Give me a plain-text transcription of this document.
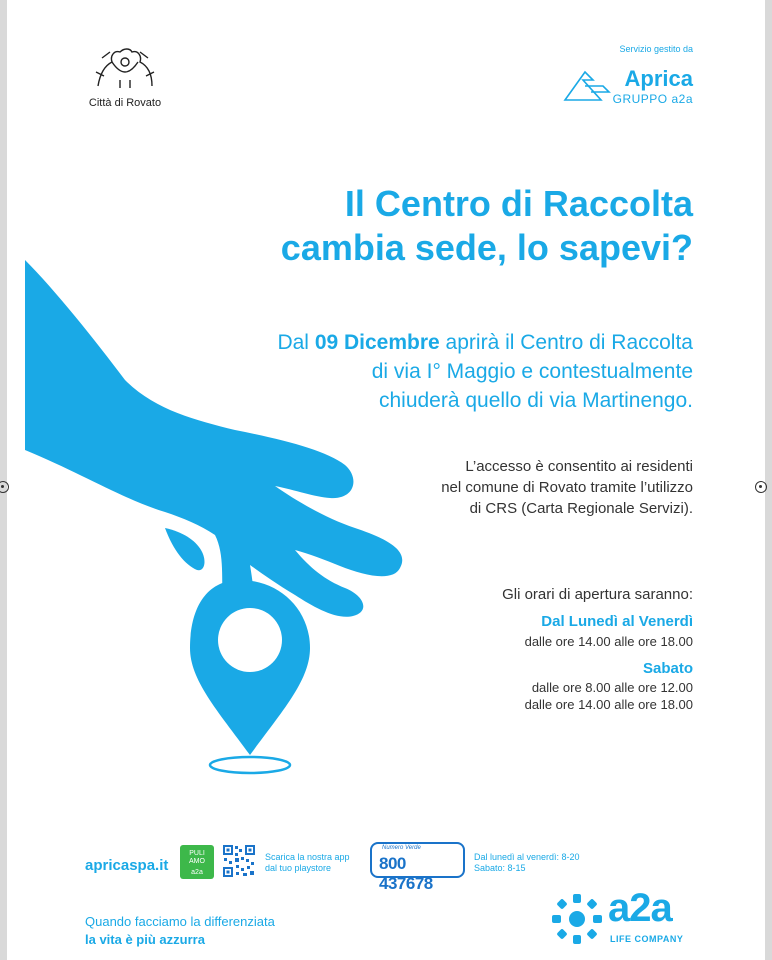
Città di Rovato
Servizio gestito da
Aprica
GRUPPO a2a
Il Centro di Raccolta
cambia sede, lo sapevi?
Dal 09 Dicembre aprirà il Centro di Raccolta
di via I° Maggio e contestualmente
chiuderà quello di via Martinengo.
L’accesso è consentito ai residenti
nel comune di Rovato tramite l’utilizzo
di CRS (Carta Regionale Servizi).
Gli orari di apertura saranno:
Dal Lunedì al Venerdì
dalle ore 14.00 alle ore 18.00
Sabato
dalle ore 8.00 alle ore 12.00
dalle ore 14.00 alle ore 18.00
apricaspa.it
PULI
AMO
a2a
Scarica la nostra app
dal tuo playstore
Numero Verde
800 437678
Dal lunedì al venerdì: 8-20
Sabato: 8-15
Quando facciamo la differenziata
la vita è più azzurra
a2a
LIFE COMPANY
